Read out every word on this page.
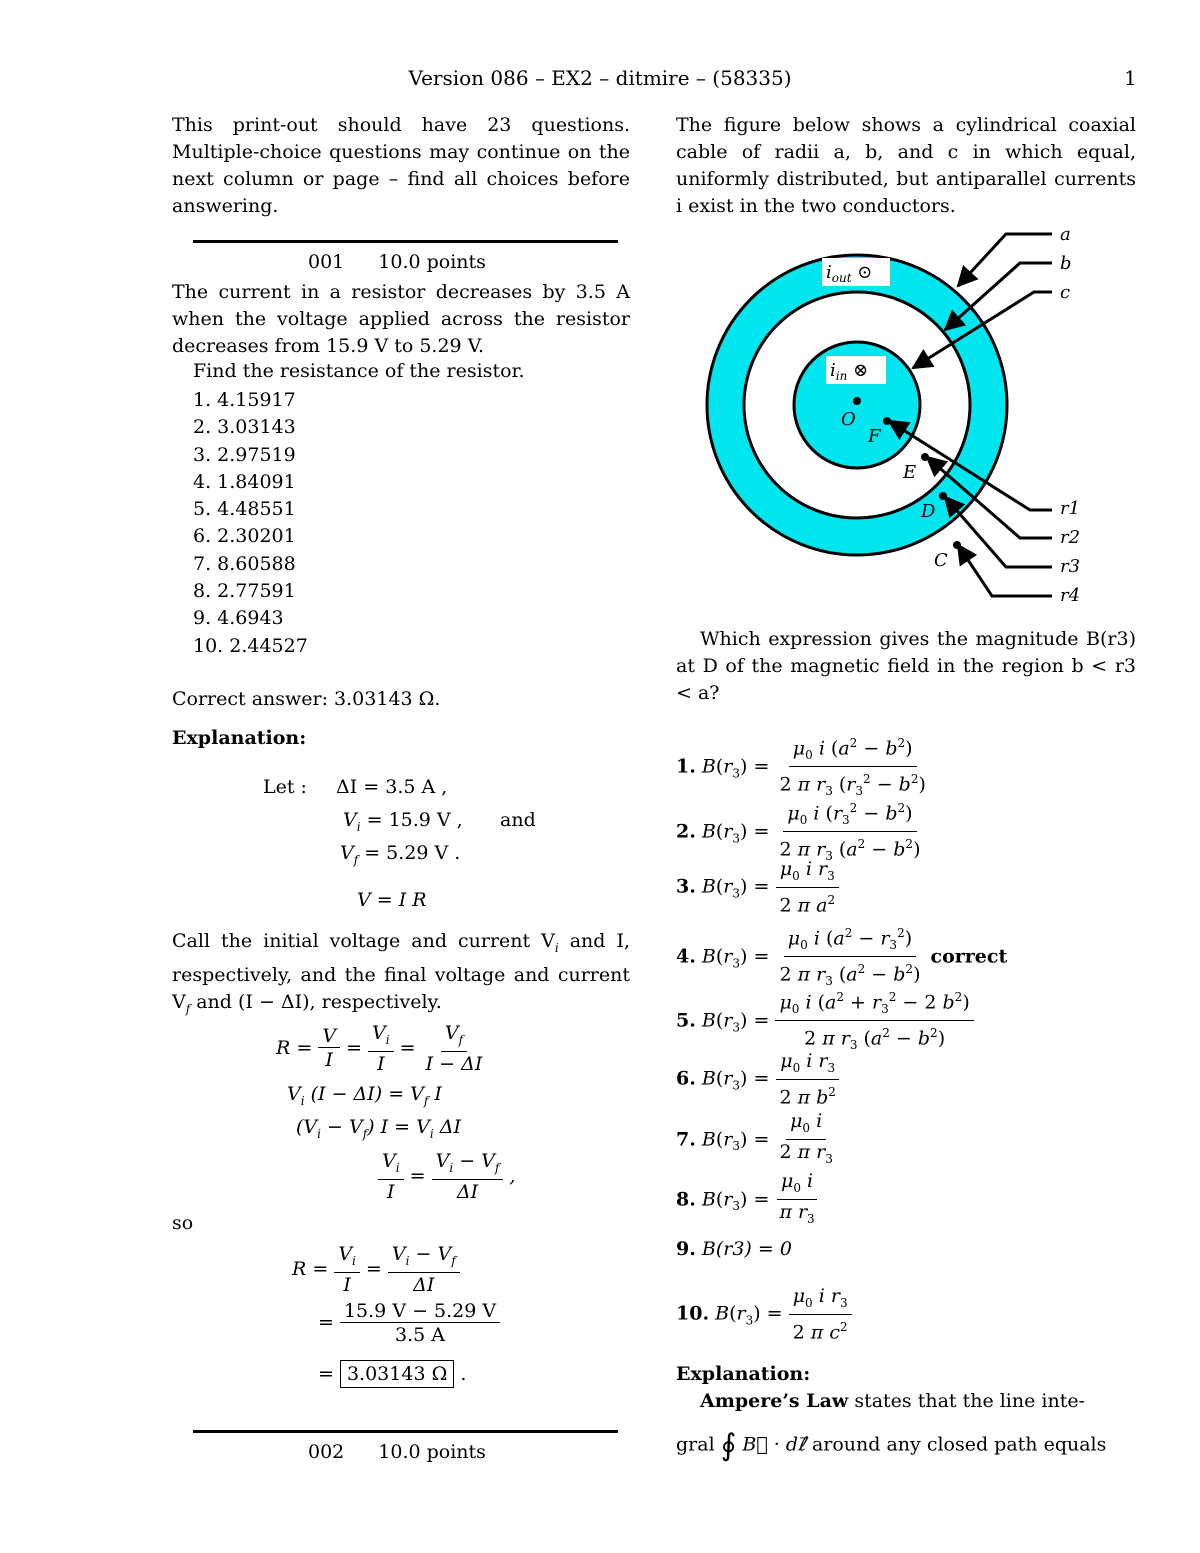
Version 086 – EX2 – ditmire – (58335)	1
This print-out should have 23 questions. Multiple-choice questions may continue on the next column or page – find all choices before answering.
001 10.0 points
The current in a resistor decreases by 3.5 A when the voltage applied across the resistor decreases from 15.9 V to 5.29 V.
Find the resistance of the resistor.
1. 4.15917
2. 3.03143
3. 2.97519
4. 1.84091
5. 4.48551
6. 2.30201
7. 8.60588
8. 2.77591
9. 4.6943
10. 2.44527
Correct answer: 3.03143 Ω.
Explanation:
Let : ΔI = 3.5 A ,
$V_i = 15.9$ V , and
$V_f = 5.29$ V .
V = I R
Call the initial voltage and current $V_i$ and I, respectively, and the final voltage and current $V_f$ and (I − ΔI), respectively.
$R = \frac{V}{I} = \frac{V_i}{I} = \frac{V_f}{I - \Delta I}$
$V_i$ $(I - \Delta I) = V_f$ I
$(V_i - V_f) I = V_i$ ΔI
$\frac{V_i}{I} = \frac{V_i - V_f}{\Delta I}$ ,
so
$R = \frac{V_i}{I} = \frac{V_i - V_f}{\Delta I}$
= $\frac{15.9 V - 5.29 V}{3.5 A}$
= 3.03143 Ω .
002 10.0 points
The figure below shows a cylindrical coaxial cable of radii a, b, and c in which equal, uniformly distributed, but antiparallel currents i exist in the two conductors.
$i_{out}$ ⊙
$i_{in}$ ⊗
O
F
E
D
C
a
b
c
r1
r2
r3
r4
Which expression gives the magnitude B(r3) at D of the magnetic field in the region b < r3 < a?
1. $B(r_3) = \frac{\mu_0 i (a^2 - b^2)}{2 \pi r_3 (r_3^2 - b^2)}$
2. $B(r_3) = \frac{\mu_0 i (r_3^2 - b^2)}{2 \pi r_3 (a^2 - b^2)}$
3. $B(r_3) = \frac{\mu_0 i r_3}{2 \pi a^2}$
4. $B(r_3) = \frac{\mu_0 i (a^2 - r_3^2)}{2 \pi r_3 (a^2 - b^2)}$ correct
5. $B(r_3) = \frac{\mu_0 i (a^2 + r_3^2 - 2 b^2)}{2 \pi r_3 (a^2 - b^2)}$
6. $B(r_3) = \frac{\mu_0 i r_3}{2 \pi b^2}$
7. $B(r_3) = \frac{\mu_0 i}{2 \pi r_3}$
8. $B(r_3) = \frac{\mu_0 i}{\pi r_3}$
9. B(r3) = 0
10. $B(r_3) = \frac{\mu_0 i r_3}{2 \pi c^2}$
Explanation:
Ampere’s Law states that the line inte-
gral ∮ B⃗ · dℓ⃗ around any closed path equals
